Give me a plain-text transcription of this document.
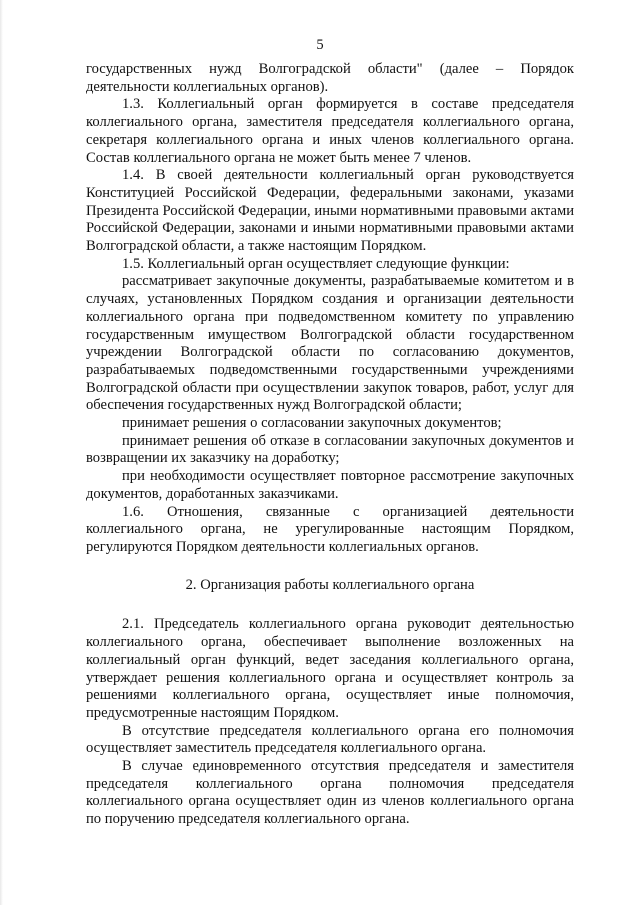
5

государственных нужд Волгоградской области" (далее – Порядок деятельности коллегиальных органов).

1.3. Коллегиальный орган формируется в составе председателя коллегиального органа, заместителя председателя коллегиального органа, секретаря коллегиального органа и иных членов коллегиального органа. Состав коллегиального органа не может быть менее 7 членов.

1.4. В своей деятельности коллегиальный орган руководствуется Конституцией Российской Федерации, федеральными законами, указами Президента Российской Федерации, иными нормативными правовыми актами Российской Федерации, законами и иными нормативными правовыми актами Волгоградской области, а также настоящим Порядком.

1.5. Коллегиальный орган осуществляет следующие функции:

рассматривает закупочные документы, разрабатываемые комитетом и в случаях, установленных Порядком создания и организации деятельности коллегиального органа при подведомственном комитету по управлению государственным имуществом Волгоградской области государственном учреждении Волгоградской области по согласованию документов, разрабатываемых подведомственными государственными учреждениями Волгоградской области при осуществлении закупок товаров, работ, услуг для обеспечения государственных нужд Волгоградской области;

принимает решения о согласовании закупочных документов;

принимает решения об отказе в согласовании закупочных документов и возвращении их заказчику на доработку;

при необходимости осуществляет повторное рассмотрение закупочных документов, доработанных заказчиками.

1.6. Отношения, связанные с организацией деятельности коллегиального органа, не урегулированные настоящим Порядком, регулируются Порядком деятельности коллегиальных органов.

2. Организация работы коллегиального органа

2.1. Председатель коллегиального органа руководит деятельностью коллегиального органа, обеспечивает выполнение возложенных на коллегиальный орган функций, ведет заседания коллегиального органа, утверждает решения коллегиального органа и осуществляет контроль за решениями коллегиального органа, осуществляет иные полномочия, предусмотренные настоящим Порядком.

В отсутствие председателя коллегиального органа его полномочия осуществляет заместитель председателя коллегиального органа.

В случае единовременного отсутствия председателя и заместителя председателя коллегиального органа полномочия председателя коллегиального органа осуществляет один из членов коллегиального органа по поручению председателя коллегиального органа.
